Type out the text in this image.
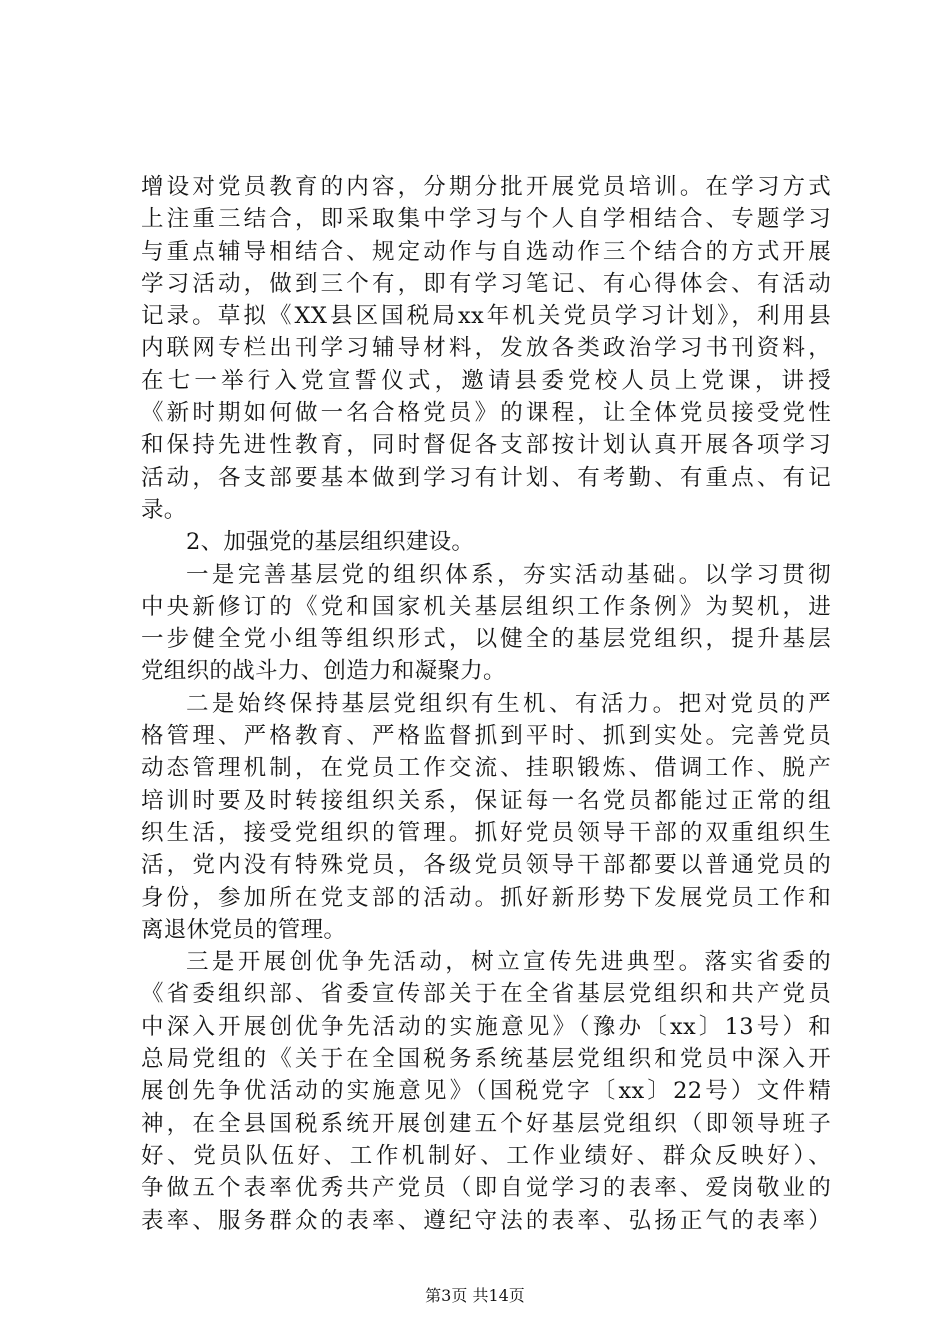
增设对党员教育的内容，分期分批开展党员培训。在学习方式
上注重三结合，即采取集中学习与个人自学相结合、专题学习
与重点辅导相结合、规定动作与自选动作三个结合的方式开展
学习活动，做到三个有，即有学习笔记、有心得体会、有活动
记录。草拟《XX县区国税局xx年机关党员学习计划》，利用县
内联网专栏出刊学习辅导材料，发放各类政治学习书刊资料，
在七一举行入党宣誓仪式，邀请县委党校人员上党课，讲授
《新时期如何做一名合格党员》的课程，让全体党员接受党性
和保持先进性教育，同时督促各支部按计划认真开展各项学习
活动，各支部要基本做到学习有计划、有考勤、有重点、有记
录。
2、加强党的基层组织建设。
一是完善基层党的组织体系，夯实活动基础。以学习贯彻
中央新修订的《党和国家机关基层组织工作条例》为契机，进
一步健全党小组等组织形式，以健全的基层党组织，提升基层
党组织的战斗力、创造力和凝聚力。
二是始终保持基层党组织有生机、有活力。把对党员的严
格管理、严格教育、严格监督抓到平时、抓到实处。完善党员
动态管理机制，在党员工作交流、挂职锻炼、借调工作、脱产
培训时要及时转接组织关系，保证每一名党员都能过正常的组
织生活，接受党组织的管理。抓好党员领导干部的双重组织生
活，党内没有特殊党员，各级党员领导干部都要以普通党员的
身份，参加所在党支部的活动。抓好新形势下发展党员工作和
离退休党员的管理。
三是开展创优争先活动，树立宣传先进典型。落实省委的
《省委组织部、省委宣传部关于在全省基层党组织和共产党员
中深入开展创优争先活动的实施意见》（豫办〔xx〕13号）和
总局党组的《关于在全国税务系统基层党组织和党员中深入开
展创先争优活动的实施意见》（国税党字〔xx〕22号）文件精
神，在全县国税系统开展创建五个好基层党组织（即领导班子
好、党员队伍好、工作机制好、工作业绩好、群众反映好）、
争做五个表率优秀共产党员（即自觉学习的表率、爱岗敬业的
表率、服务群众的表率、遵纪守法的表率、弘扬正气的表率）
第3页 共14页
